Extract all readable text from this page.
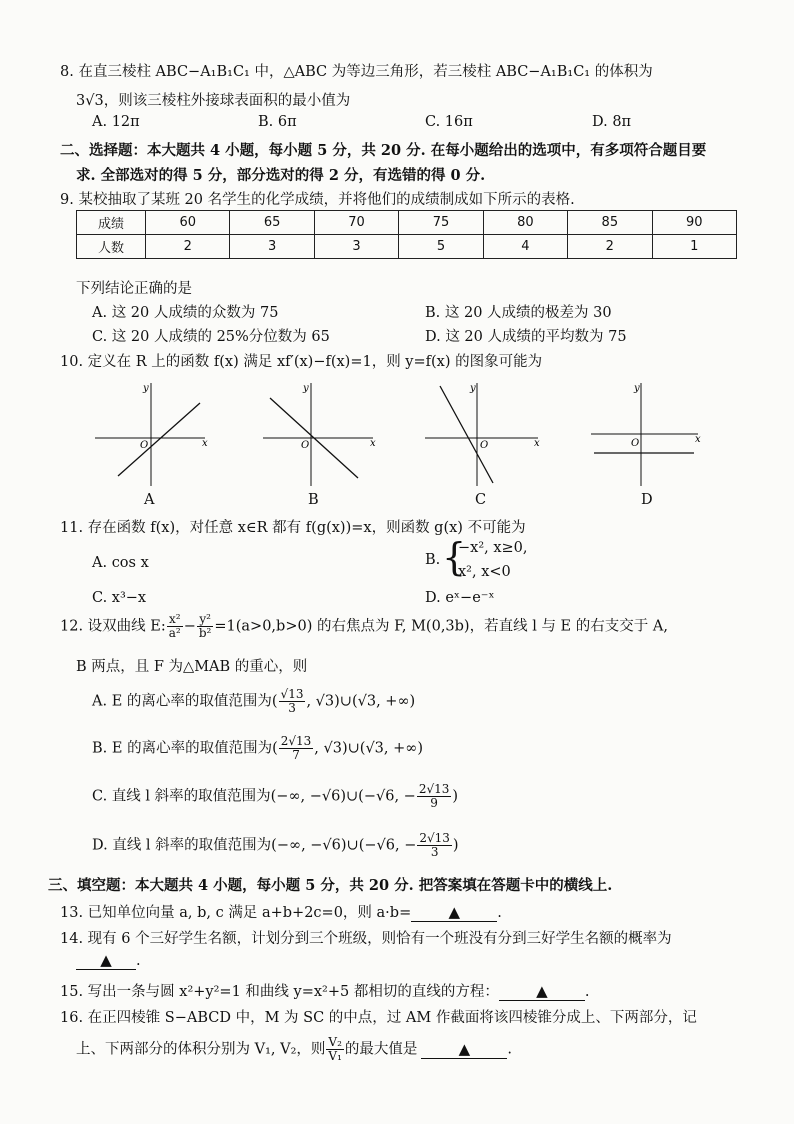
8. 在直三棱柱 ABC−A₁B₁C₁ 中，△ABC 为等边三角形，若三棱柱 ABC−A₁B₁C₁ 的体积为
3√3，则该三棱柱外接球表面积的最小值为
A. 12π	B. 6π	C. 16π	D. 8π
二、选择题：本大题共 4 小题，每小题 5 分，共 20 分. 在每小题给出的选项中，有多项符合题目要
求. 全部选对的得 5 分，部分选对的得 2 分，有选错的得 0 分.
9. 某校抽取了某班 20 名学生的化学成绩，并将他们的成绩制成如下所示的表格.
成绩	60	65	70	75	80	85	90
人数	2	3	3	5	4	2	1
下列结论正确的是
A. 这 20 人成绩的众数为 75	B. 这 20 人成绩的极差为 30
C. 这 20 人成绩的 25%分位数为 65	D. 这 20 人成绩的平均数为 75
10. 定义在 R 上的函数 f(x) 满足 xf′(x)−f(x)=1，则 y=f(x) 的图象可能为
x
y
O	x
y
O	x
y
O
x
y
O
A	B	C	D
11. 存在函数 f(x)，对任意 x∈R 都有 f(g(x))=x，则函数 g(x) 不可能为
A. cos x	B. {
−x², x≥0,
x², x<0
C. x³−x	D. eˣ−e⁻ˣ
12. 设双曲线 E: $\frac{\text{x²}}{\text{a²}} - \frac{\text{y²}}{\text{b²}} =1(a>0,b>0)$ 的右焦点为 F, M(0,3b)，若直线 l 与 E 的右支交于 A,
B 两点，且 F 为△MAB 的重心，则
A. E 的离心率的取值范围为( $\frac{√13}{3}$ , √3)∪(√3, +∞)
B. E 的离心率的取值范围为( $\frac{2√13}{7}$ , √3)∪(√3, +∞)
C. 直线 l 斜率的取值范围为(−∞, −√6)∪(−√6, − $\frac{2√13}{9}$ )
D. 直线 l 斜率的取值范围为(−∞, −√6)∪(−√6, − $\frac{2√13}{3}$ )
三、填空题：本大题共 4 小题，每小题 5 分，共 20 分. 把答案填在答题卡中的横线上.
13. 已知单位向量 a, b, c 满足 a+b+2c=0，则 a·b= ▲	.
14. 现有 6 个三好学生名额，计划分到三个班级，则恰有一个班没有分到三好学生名额的概率为
▲ .
15. 写出一条与圆 x²+y²=1 和曲线 y=x²+5 都相切的直线的方程： ▲	.
16. 在正四棱锥 S−ABCD 中，M 为 SC 的中点，过 AM 作截面将该四棱锥分成上、下两部分，记
上、下两部分的体积分别为 V₁, V₂，则 $\frac{\text{V₂}}{\text{V₁}}$ 的最大值是	▲	.
